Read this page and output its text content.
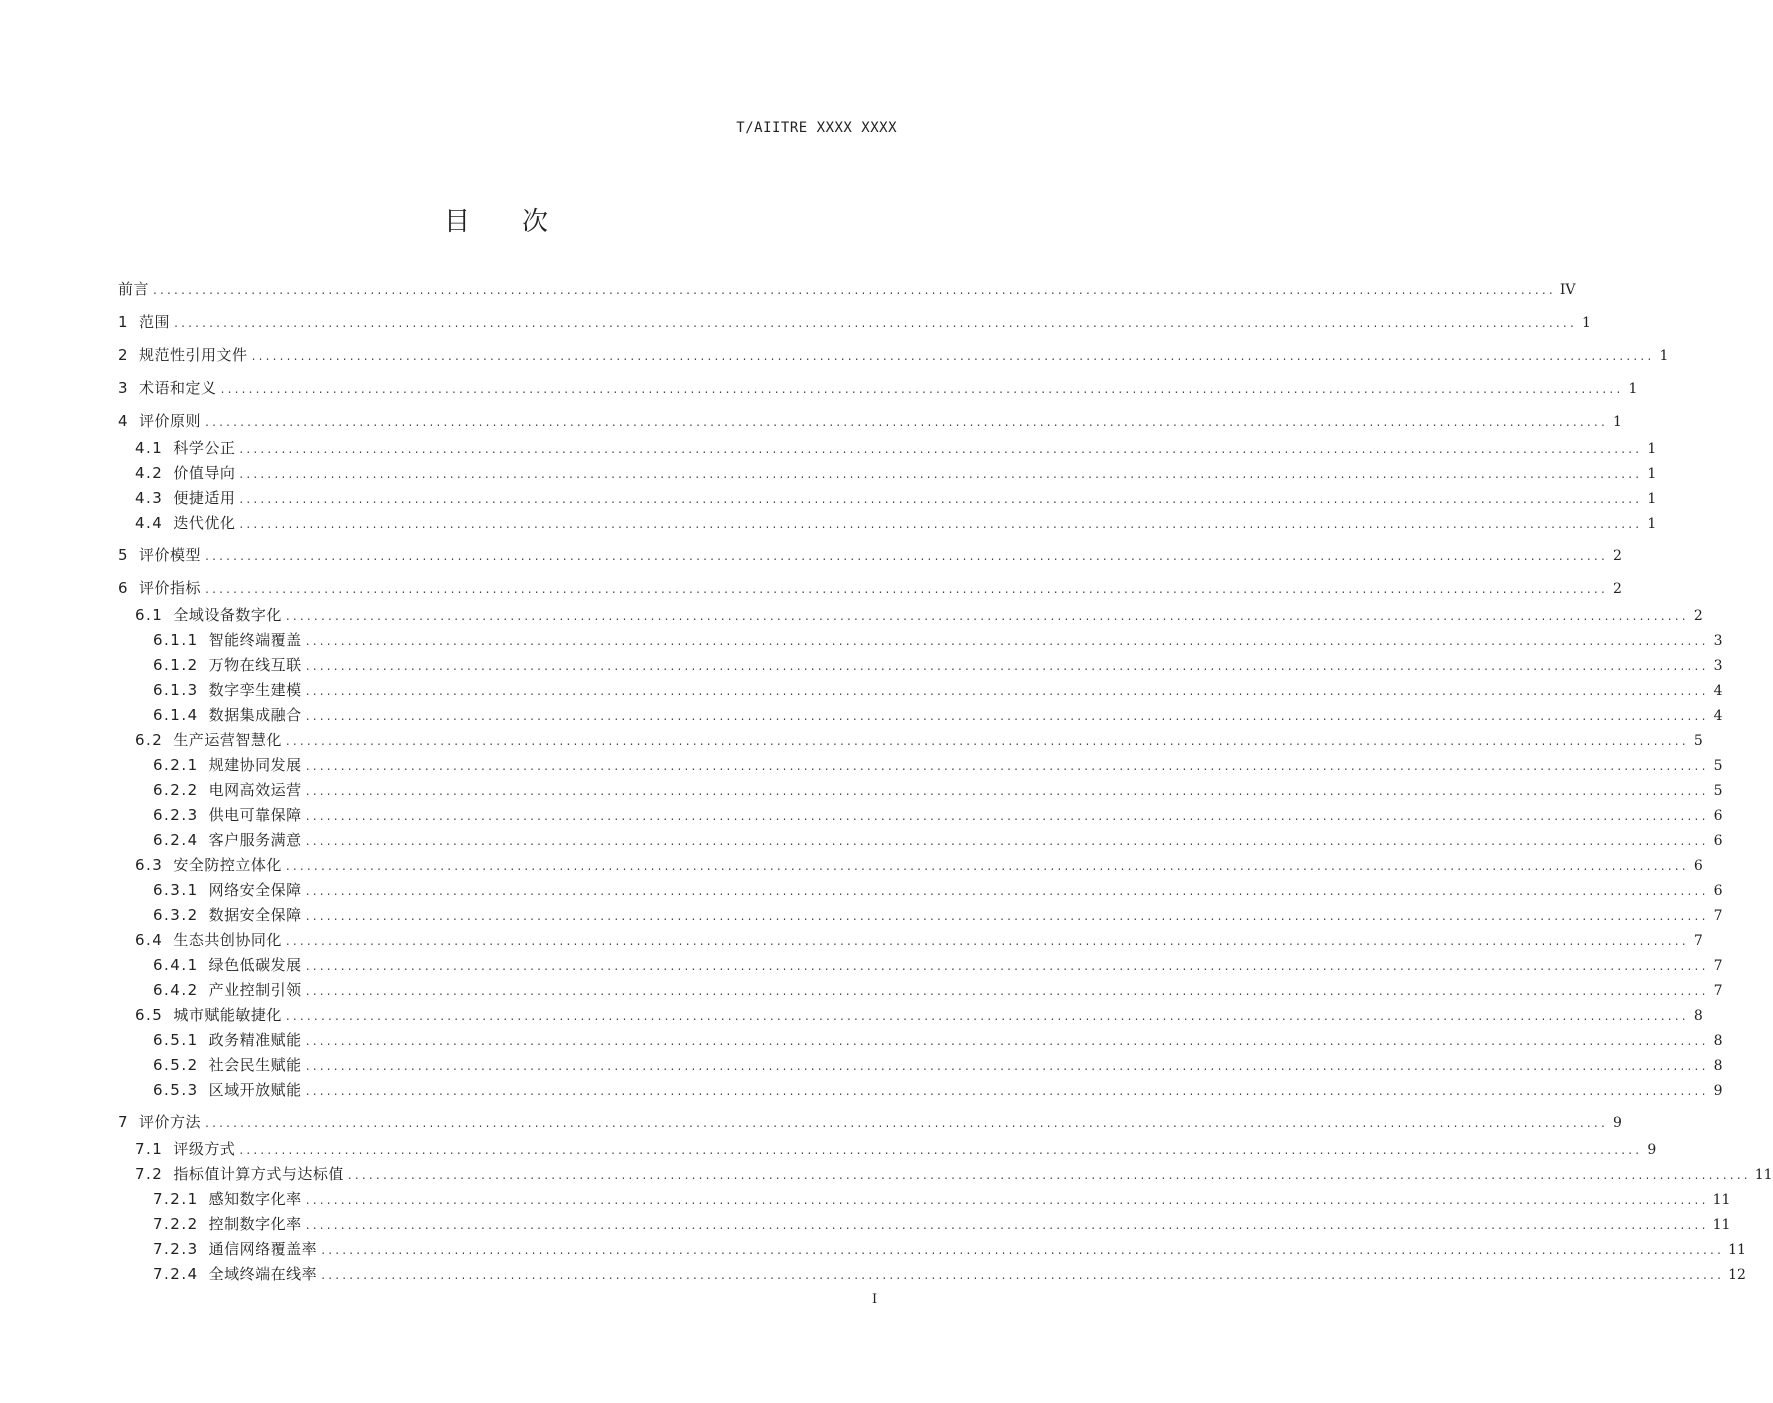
T/AIITRE XXXX XXXX
目次
前言 ........................................................................................................................................................................................................ IV
1 范围 ........................................................................................................................................................................................................ 1
2 规范性引用文件 ........................................................................................................................................................................................................ 1
3 术语和定义 ........................................................................................................................................................................................................ 1
4 评价原则 ........................................................................................................................................................................................................ 1
4.1 科学公正 ........................................................................................................................................................................................................ 1
4.2 价值导向 ........................................................................................................................................................................................................ 1
4.3 便捷适用 ........................................................................................................................................................................................................ 1
4.4 迭代优化 ........................................................................................................................................................................................................ 1
5 评价模型 ........................................................................................................................................................................................................ 2
6 评价指标 ........................................................................................................................................................................................................ 2
6.1 全域设备数字化 ........................................................................................................................................................................................................ 2
6.1.1 智能终端覆盖 ........................................................................................................................................................................................................ 3
6.1.2 万物在线互联 ........................................................................................................................................................................................................ 3
6.1.3 数字孪生建模 ........................................................................................................................................................................................................ 4
6.1.4 数据集成融合 ........................................................................................................................................................................................................ 4
6.2 生产运营智慧化 ........................................................................................................................................................................................................ 5
6.2.1 规建协同发展 ........................................................................................................................................................................................................ 5
6.2.2 电网高效运营 ........................................................................................................................................................................................................ 5
6.2.3 供电可靠保障 ........................................................................................................................................................................................................ 6
6.2.4 客户服务满意 ........................................................................................................................................................................................................ 6
6.3 安全防控立体化 ........................................................................................................................................................................................................ 6
6.3.1 网络安全保障 ........................................................................................................................................................................................................ 6
6.3.2 数据安全保障 ........................................................................................................................................................................................................ 7
6.4 生态共创协同化 ........................................................................................................................................................................................................ 7
6.4.1 绿色低碳发展 ........................................................................................................................................................................................................ 7
6.4.2 产业控制引领 ........................................................................................................................................................................................................ 7
6.5 城市赋能敏捷化 ........................................................................................................................................................................................................ 8
6.5.1 政务精准赋能 ........................................................................................................................................................................................................ 8
6.5.2 社会民生赋能 ........................................................................................................................................................................................................ 8
6.5.3 区域开放赋能 ........................................................................................................................................................................................................ 9
7 评价方法 ........................................................................................................................................................................................................ 9
7.1 评级方式 ........................................................................................................................................................................................................ 9
7.2 指标值计算方式与达标值 ........................................................................................................................................................................................................ 11
7.2.1 感知数字化率 ........................................................................................................................................................................................................ 11
7.2.2 控制数字化率 ........................................................................................................................................................................................................ 11
7.2.3 通信网络覆盖率 ........................................................................................................................................................................................................ 11
7.2.4 全域终端在线率 ........................................................................................................................................................................................................ 12
I
